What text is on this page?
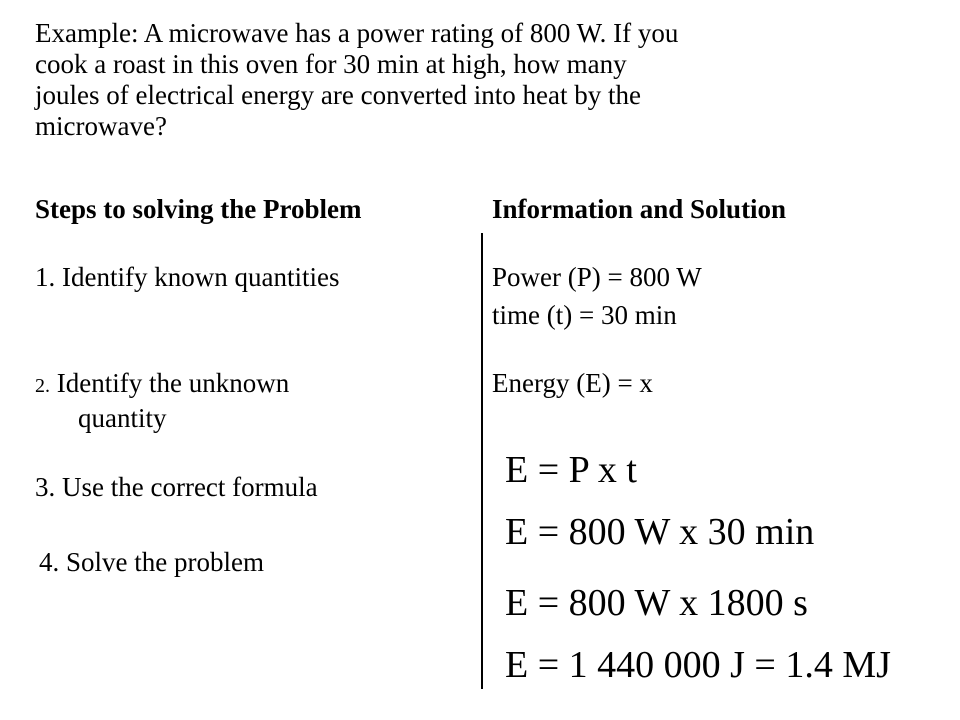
Example: A microwave has a power rating of 800 W. If you
cook a roast in this oven for 30 min at high, how many
joules of electrical energy are converted into heat by the
microwave?
Steps to solving the Problem	Information and Solution
1. Identify known quantities
2. Identify the unknown
quantity
3. Use the correct formula
4. Solve the problem
Power (P) = 800 W
time (t) = 30 min
Energy (E) = x
E = P x t
E = 800 W x 30 min
E = 800 W x 1800 s
E = 1 440 000 J = 1.4 MJ
